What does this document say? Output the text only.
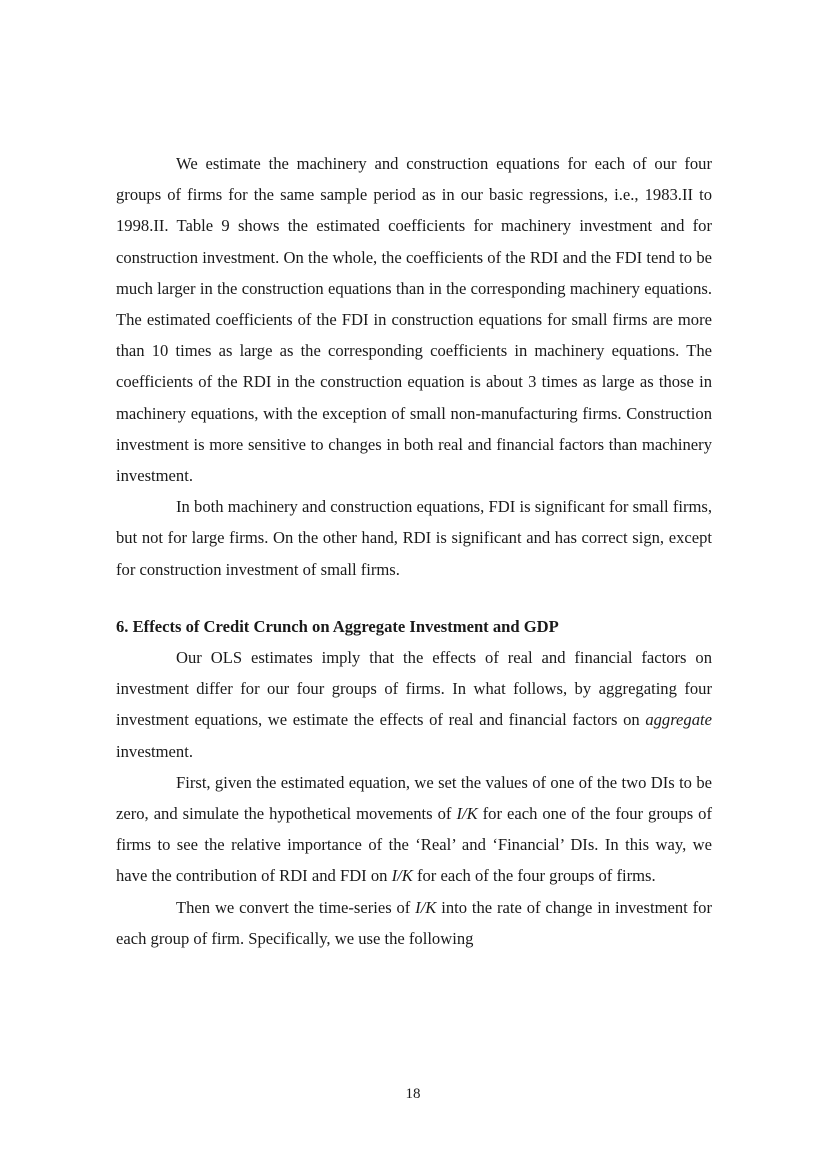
We estimate the machinery and construction equations for each of our four groups of firms for the same sample period as in our basic regressions, i.e., 1983.II to 1998.II. Table 9 shows the estimated coefficients for machinery investment and for construction investment. On the whole, the coefficients of the RDI and the FDI tend to be much larger in the construction equations than in the corresponding machinery equations. The estimated coefficients of the FDI in construction equations for small firms are more than 10 times as large as the corresponding coefficients in machinery equations. The coefficients of the RDI in the construction equation is about 3 times as large as those in machinery equations, with the exception of small non-manufacturing firms. Construction investment is more sensitive to changes in both real and financial factors than machinery investment.

In both machinery and construction equations, FDI is significant for small firms, but not for large firms. On the other hand, RDI is significant and has correct sign, except for construction investment of small firms.

6. Effects of Credit Crunch on Aggregate Investment and GDP

Our OLS estimates imply that the effects of real and financial factors on investment differ for our four groups of firms. In what follows, by aggregating four investment equations, we estimate the effects of real and financial factors on aggregate investment.

First, given the estimated equation, we set the values of one of the two DIs to be zero, and simulate the hypothetical movements of I/K for each one of the four groups of firms to see the relative importance of the ‘Real’ and ‘Financial’ DIs. In this way, we have the contribution of RDI and FDI on I/K for each of the four groups of firms.

Then we convert the time-series of I/K into the rate of change in investment for each group of firm. Specifically, we use the following

18
